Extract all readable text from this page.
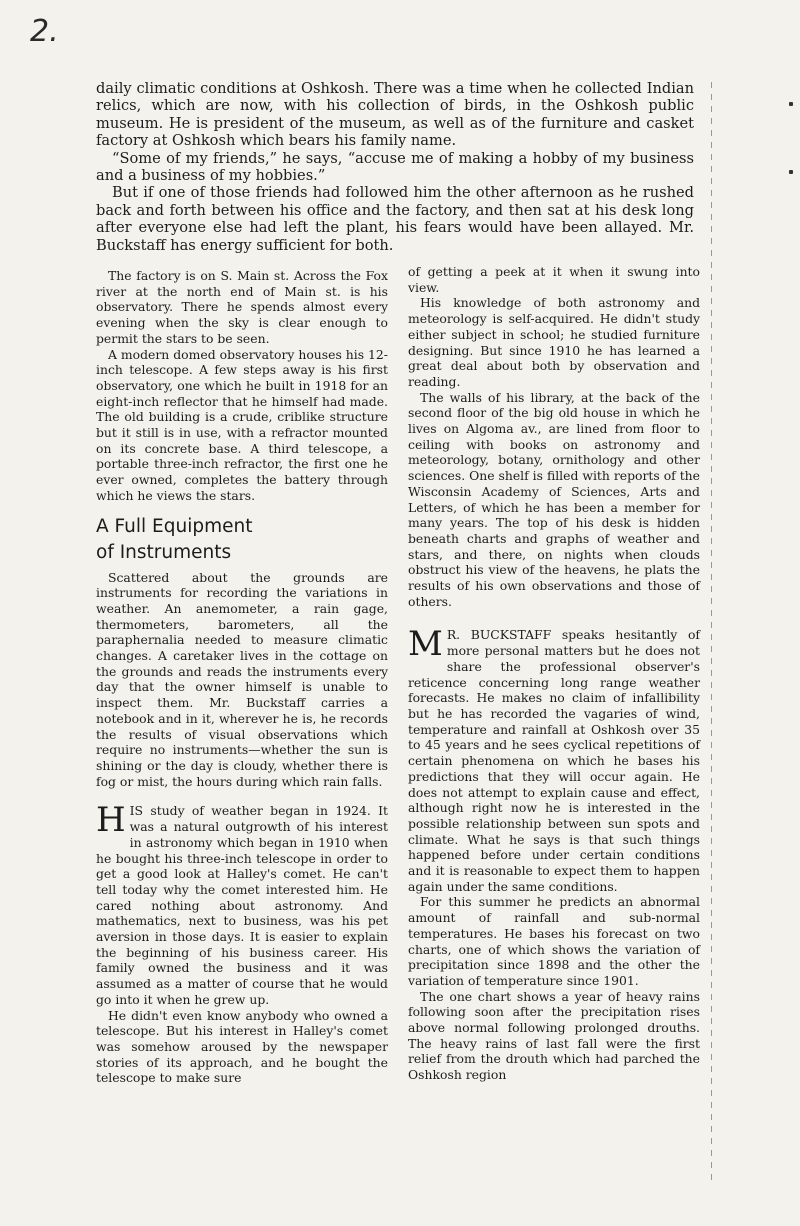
2.

daily climatic conditions at Oshkosh. There was a time when he collected Indian relics, which are now, with his collection of birds, in the Oshkosh public museum. He is president of the museum, as well as of the furniture and casket factory at Oshkosh which bears his family name.

“Some of my friends,” he says, “accuse me of making a hobby of my business and a business of my hobbies.”

But if one of those friends had followed him the other afternoon as he rushed back and forth between his office and the factory, and then sat at his desk long after everyone else had left the plant, his fears would have been allayed. Mr. Buckstaff has energy sufficient for both.

The factory is on S. Main st. Across the Fox river at the north end of Main st. is his observatory. There he spends almost every evening when the sky is clear enough to permit the stars to be seen.

A modern domed observatory houses his 12-inch telescope. A few steps away is his first observatory, one which he built in 1918 for an eight-inch reflector that he himself had made. The old building is a crude, criblike structure but it still is in use, with a refractor mounted on its concrete base. A third telescope, a portable three-inch refractor, the first one he ever owned, completes the battery through which he views the stars.

A Full Equipment
of Instruments

Scattered about the grounds are instruments for recording the variations in weather. An anemometer, a rain gage, thermometers, barometers, all the paraphernalia needed to measure climatic changes. A caretaker lives in the cottage on the grounds and reads the instruments every day that the owner himself is unable to inspect them. Mr. Buckstaff carries a notebook and in it, wherever he is, he records the results of visual observations which require no instruments—whether the sun is shining or the day is cloudy, whether there is fog or mist, the hours during which rain falls.

HIS study of weather began in 1924. It was a natural outgrowth of his interest in astronomy which began in 1910 when he bought his three-inch telescope in order to get a good look at Halley's comet. He can't tell today why the comet interested him. He cared nothing about astronomy. And mathematics, next to business, was his pet aversion in those days. It is easier to explain the beginning of his business career. His family owned the business and it was assumed as a matter of course that he would go into it when he grew up.

He didn't even know anybody who owned a telescope. But his interest in Halley's comet was somehow aroused by the newspaper stories of its approach, and he bought the telescope to make sure

of getting a peek at it when it swung into view.

His knowledge of both astronomy and meteorology is self-acquired. He didn't study either subject in school; he studied furniture designing. But since 1910 he has learned a great deal about both by observation and reading.

The walls of his library, at the back of the second floor of the big old house in which he lives on Algoma av., are lined from floor to ceiling with books on astronomy and meteorology, botany, ornithology and other sciences. One shelf is filled with reports of the Wisconsin Academy of Sciences, Arts and Letters, of which he has been a member for many years. The top of his desk is hidden beneath charts and graphs of weather and stars, and there, on nights when clouds obstruct his view of the heavens, he plats the results of his own observations and those of others.

M R. BUCKSTAFF speaks hesitantly of more personal matters but he does not share the professional observer's reticence concerning long range weather forecasts. He makes no claim of infallibility but he has recorded the vagaries of wind, temperature and rainfall at Oshkosh over 35 to 45 years and he sees cyclical repetitions of certain phenomena on which he bases his predictions that they will occur again. He does not attempt to explain cause and effect, although right now he is interested in the possible relationship between sun spots and climate. What he says is that such things happened before under certain conditions and it is reasonable to expect them to happen again under the same conditions.

For this summer he predicts an abnormal amount of rainfall and sub-normal temperatures. He bases his forecast on two charts, one of which shows the variation of precipitation since 1898 and the other the variation of temperature since 1901.

The one chart shows a year of heavy rains following soon after the precipitation rises above normal following prolonged drouths. The heavy rains of last fall were the first relief from the drouth which had parched the Oshkosh region
